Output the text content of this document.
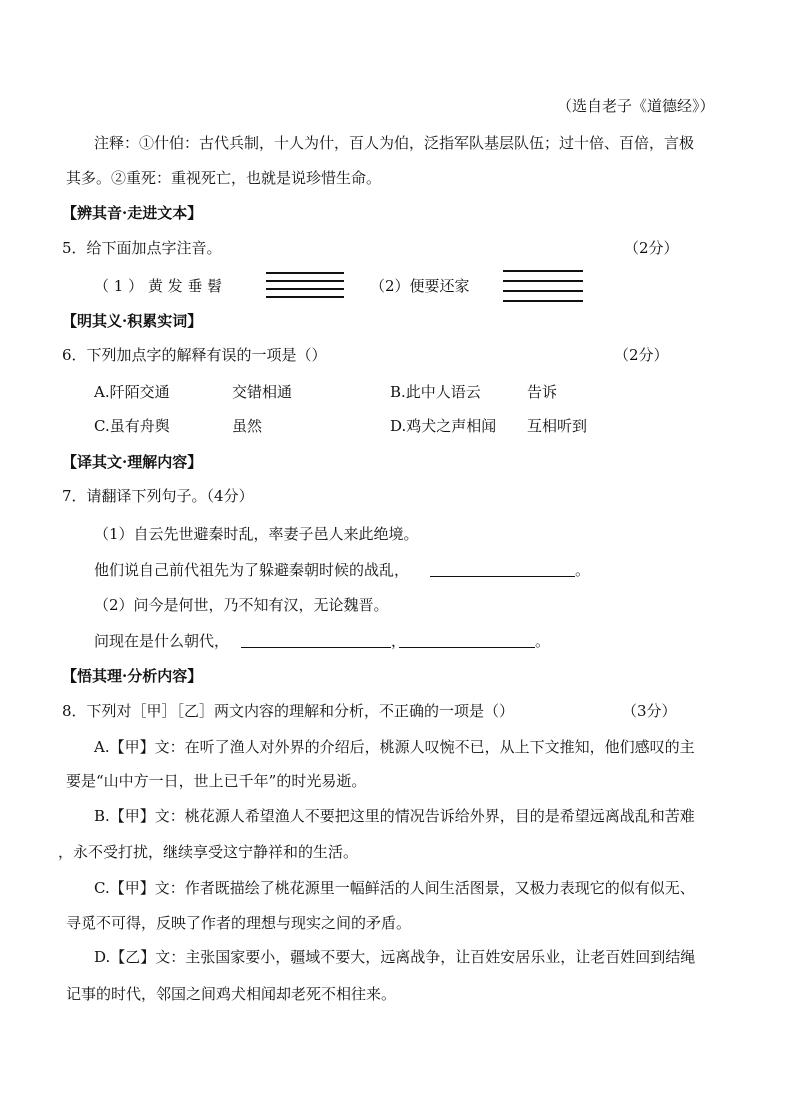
（选自老子《道德经》）
注释：①什伯：古代兵制，十人为什，百人为伯，泛指军队基层队伍；过十倍、百倍，言极
其多。②重死：重视死亡，也就是说珍惜生命。
【辨其音·走进文本】
5．给下面加点字注音。	（2分）
（ 1 ） 黄 发 垂 髫	（2）便要还家
【明其义·积累实词】
6．下列加点字的解释有误的一项是（）	（2分）
A.阡陌交通	交错相通	B.此中人语云	告诉
C.虽有舟舆	虽然	D.鸡犬之声相闻 互相听到
【译其文·理解内容】
7．请翻译下列句子。（4分）
（1）自云先世避秦时乱，率妻子邑人来此绝境。
他们说自己前代祖先为了躲避秦朝时候的战乱，	。
（2）问今是何世，乃不知有汉，无论魏晋。
问现在是什么朝代，	，	。
【悟其理·分析内容】
8．下列对［甲］［乙］两文内容的理解和分析，不正确的一项是（）	（3分）
A.【甲】文：在听了渔人对外界的介绍后，桃源人叹惋不已，从上下文推知，他们感叹的主
要是“山中方一日，世上已千年”的时光易逝。
B.【甲】文：桃花源人希望渔人不要把这里的情况告诉给外界，目的是希望远离战乱和苦难
，永不受打扰，继续享受这宁静祥和的生活。
C.【甲】文：作者既描绘了桃花源里一幅鲜活的人间生活图景，又极力表现它的似有似无、
寻觅不可得，反映了作者的理想与现实之间的矛盾。
D.【乙】文：主张国家要小，疆域不要大，远离战争，让百姓安居乐业，让老百姓回到结绳
记事的时代，邻国之间鸡犬相闻却老死不相往来。
